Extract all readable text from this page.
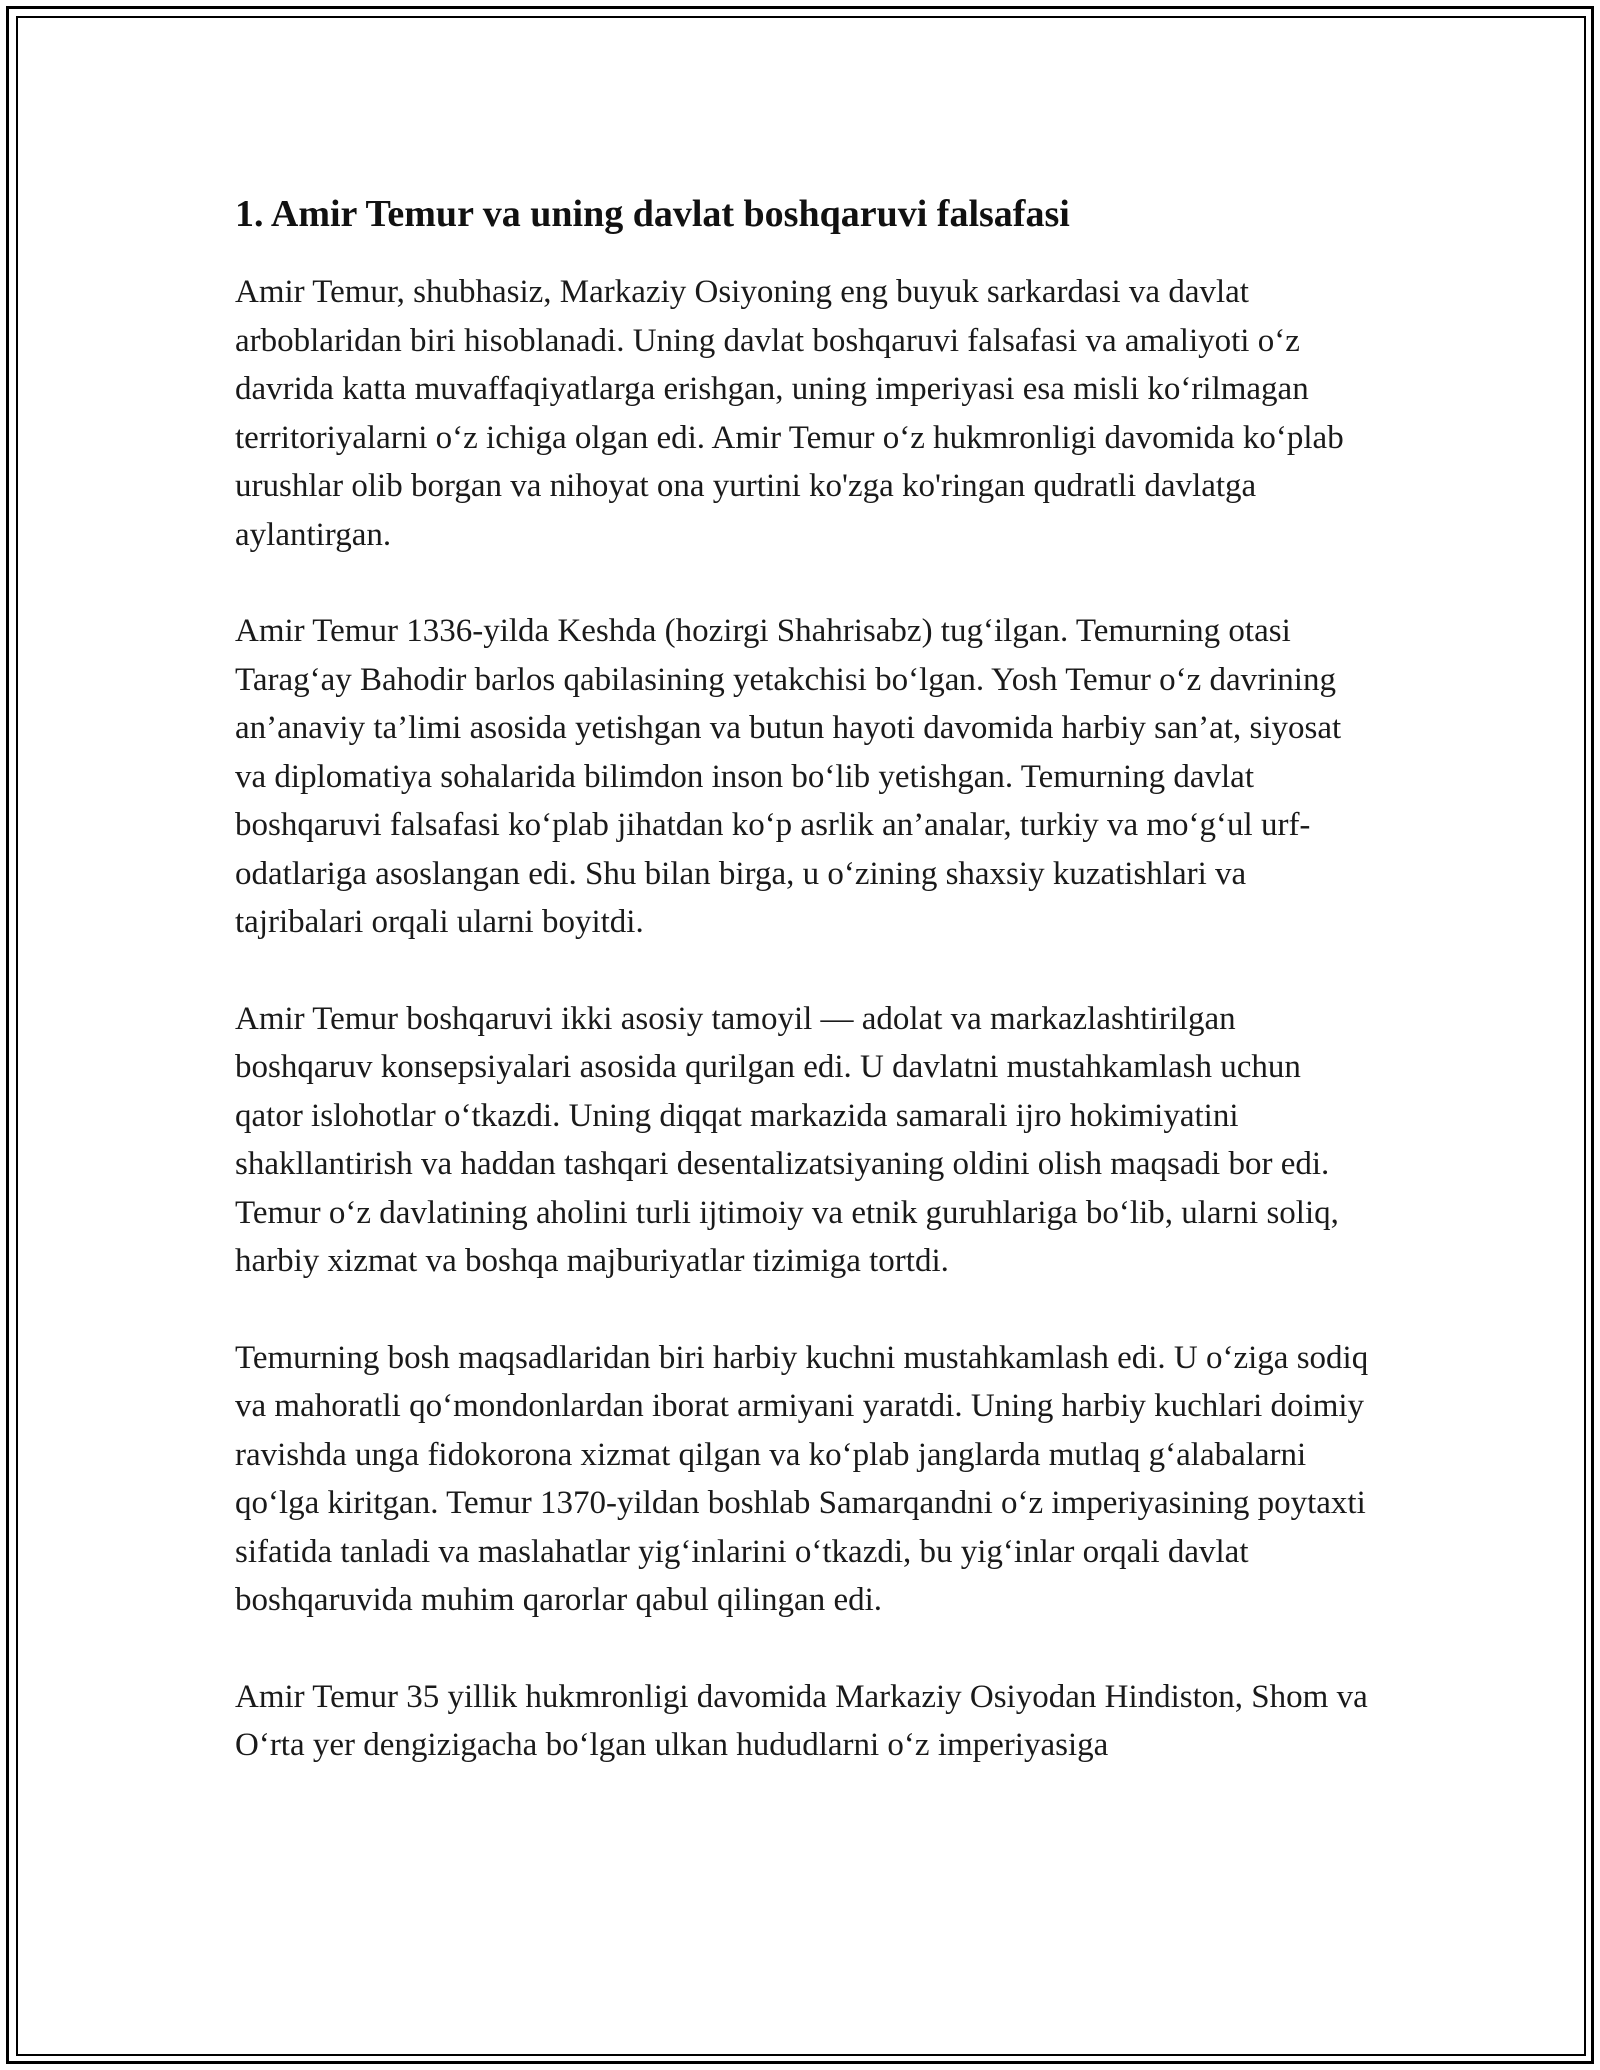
1. Amir Temur va uning davlat boshqaruvi falsafasi

Amir Temur, shubhasiz, Markaziy Osiyoning eng buyuk sarkardasi va davlat arboblaridan biri hisoblanadi. Uning davlat boshqaruvi falsafasi va amaliyoti o‘z davrida katta muvaffaqiyatlarga erishgan, uning imperiyasi esa misli ko‘rilmagan territoriyalarni o‘z ichiga olgan edi. Amir Temur o‘z hukmronligi davomida ko‘plab urushlar olib borgan va nihoyat ona yurtini ko'zga ko'ringan qudratli davlatga aylantirgan.

Amir Temur 1336-yilda Keshda (hozirgi Shahrisabz) tug‘ilgan. Temurning otasi Tarag‘ay Bahodir barlos qabilasining yetakchisi bo‘lgan. Yosh Temur o‘z davrining an’anaviy ta’limi asosida yetishgan va butun hayoti davomida harbiy san’at, siyosat va diplomatiya sohalarida bilimdon inson bo‘lib yetishgan. Temurning davlat boshqaruvi falsafasi ko‘plab jihatdan ko‘p asrlik an’analar, turkiy va mo‘g‘ul urf-odatlariga asoslangan edi. Shu bilan birga, u o‘zining shaxsiy kuzatishlari va tajribalari orqali ularni boyitdi.

Amir Temur boshqaruvi ikki asosiy tamoyil — adolat va markazlashtirilgan boshqaruv konsepsiyalari asosida qurilgan edi. U davlatni mustahkamlash uchun qator islohotlar o‘tkazdi. Uning diqqat markazida samarali ijro hokimiyatini shakllantirish va haddan tashqari desentalizatsiyaning oldini olish maqsadi bor edi. Temur o‘z davlatining aholini turli ijtimoiy va etnik guruhlariga bo‘lib, ularni soliq, harbiy xizmat va boshqa majburiyatlar tizimiga tortdi.

Temurning bosh maqsadlaridan biri harbiy kuchni mustahkamlash edi. U o‘ziga sodiq va mahoratli qo‘mondonlardan iborat armiyani yaratdi. Uning harbiy kuchlari doimiy ravishda unga fidokorona xizmat qilgan va ko‘plab janglarda mutlaq g‘alabalarni qo‘lga kiritgan. Temur 1370-yildan boshlab Samarqandni o‘z imperiyasining poytaxti sifatida tanladi va maslahatlar yig‘inlarini o‘tkazdi, bu yig‘inlar orqali davlat boshqaruvida muhim qarorlar qabul qilingan edi.

Amir Temur 35 yillik hukmronligi davomida Markaziy Osiyodan Hindiston, Shom va O‘rta yer dengizigacha bo‘lgan ulkan hududlarni o‘z imperiyasiga
